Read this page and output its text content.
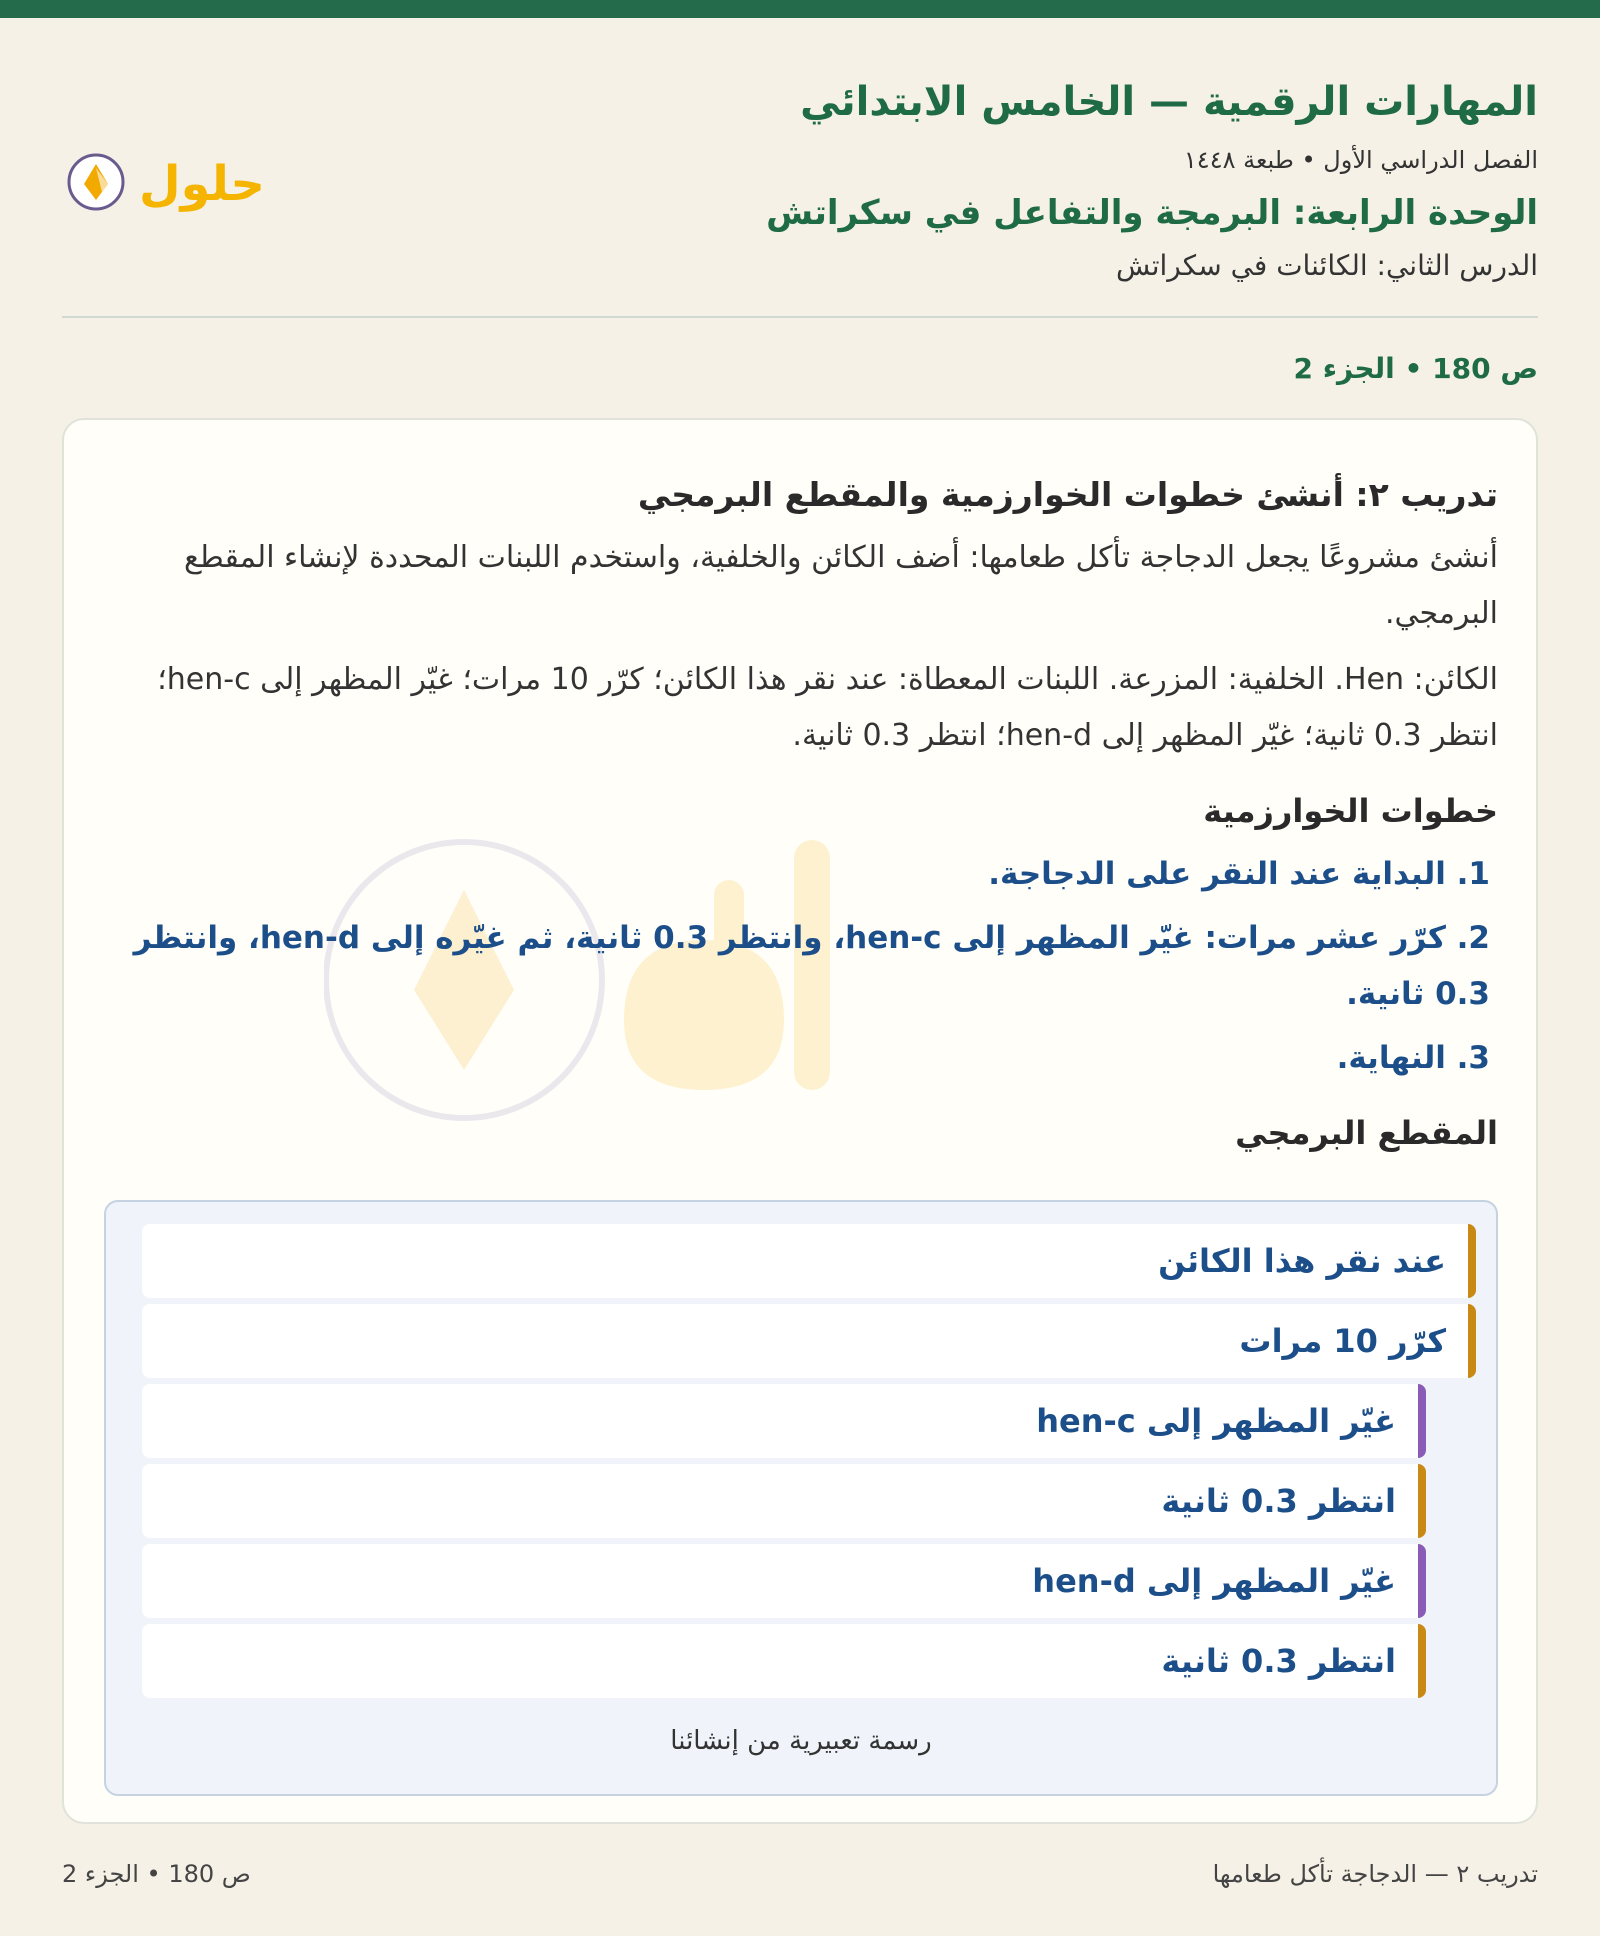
المهارات الرقمية — الخامس الابتدائي
الفصل الدراسي الأول • طبعة ١٤٤٨
الوحدة الرابعة: البرمجة والتفاعل في سكراتش
الدرس الثاني: الكائنات في سكراتش
حلول
ص 180 • الجزء 2
تدريب ٢: أنشئ خطوات الخوارزمية والمقطع البرمجي
أنشئ مشروعًا يجعل الدجاجة تأكل طعامها: أضف الكائن والخلفية، واستخدم اللبنات المحددة لإنشاء المقطع البرمجي.
الكائن: Hen. الخلفية: المزرعة. اللبنات المعطاة: عند نقر هذا الكائن؛ كرّر 10 مرات؛ غيّر المظهر إلى hen-c؛ انتظر 0.3 ثانية؛ غيّر المظهر إلى hen-d؛ انتظر 0.3 ثانية.
خطوات الخوارزمية
1. البداية عند النقر على الدجاجة.
2. كرّر عشر مرات: غيّر المظهر إلى hen-c، وانتظر 0.3 ثانية، ثم غيّره إلى hen-d، وانتظر 0.3 ثانية.
3. النهاية.
المقطع البرمجي
عند نقر هذا الكائن
كرّر 10 مرات
غيّر المظهر إلى hen-c
انتظر 0.3 ثانية
غيّر المظهر إلى hen-d
انتظر 0.3 ثانية
رسمة تعبيرية من إنشائنا
ص 180 • الجزء 2	تدريب ٢ — الدجاجة تأكل طعامها
